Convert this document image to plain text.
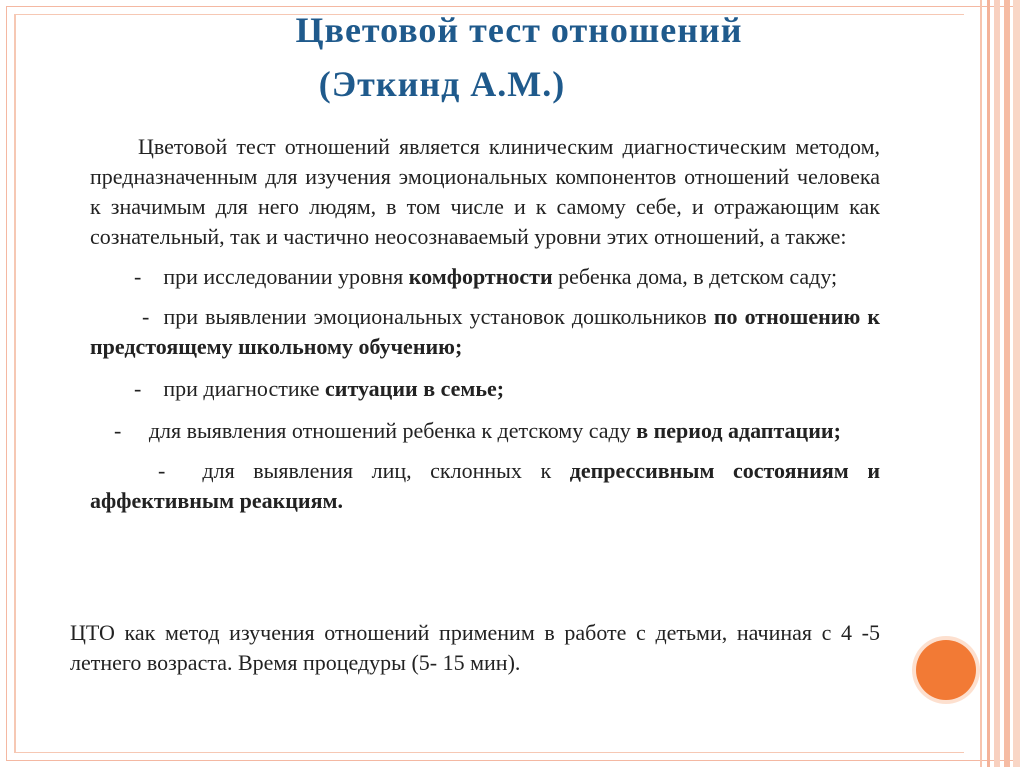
Цветовой тест отношений
(Эткинд А.М.)

Цветовой тест отношений является клиническим диагностическим методом, предназначенным для изучения эмоциональных компонентов отношений человека к значимым для него людям, в том числе и к самому себе, и отражающим как сознательный, так и частично неосознаваемый уровни этих отношений, а также:

- при исследовании уровня комфортности ребенка дома, в детском саду;

- при выявлении эмоциональных установок дошкольников по отношению к предстоящему школьному обучению;

- при диагностике ситуации в семье;

- для выявления отношений ребенка к детскому саду в период адаптации;

- для выявления лиц, склонных к депрессивным состояниям и аффективным реакциям.

ЦТО как метод изучения отношений применим в работе с детьми, начиная с 4 -5 летнего возраста. Время процедуры (5- 15 мин).
